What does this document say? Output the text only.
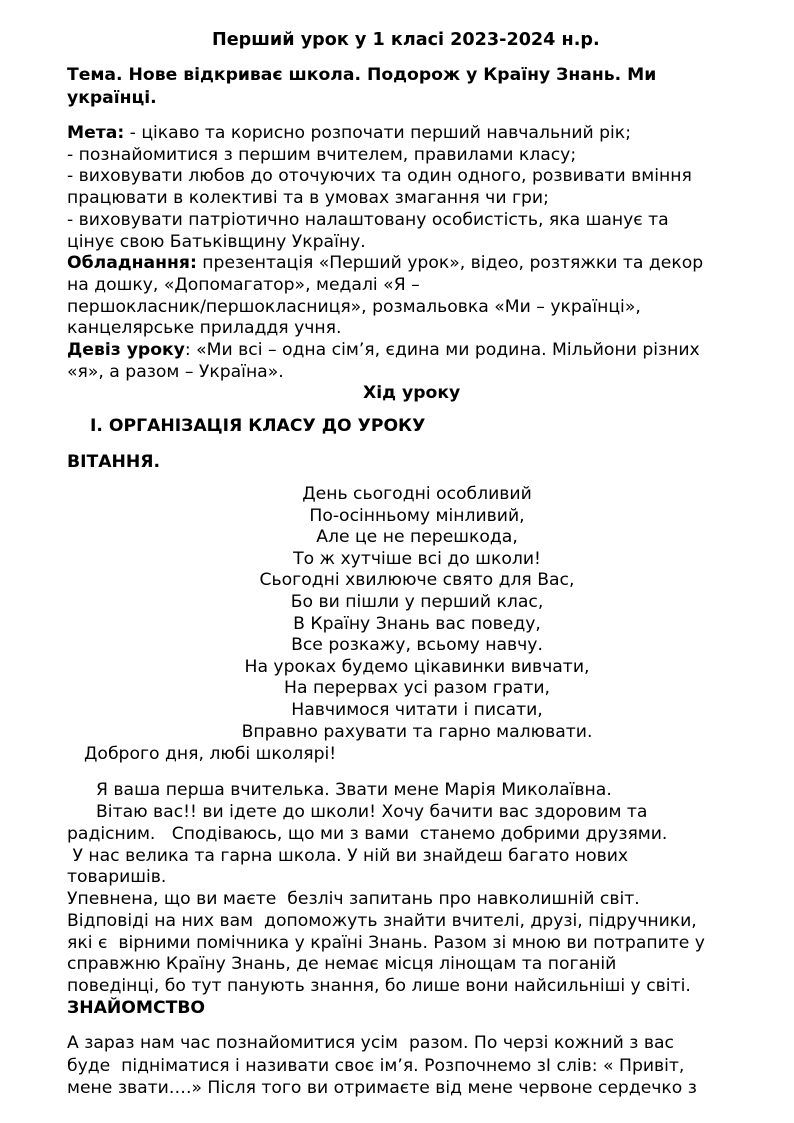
Перший урок у 1 класі 2023-2024 н.р.
Тема. Нове відкриває школа. Подорож у Країну Знань. Ми
українці.
Мета: - цікаво та корисно розпочати перший навчальний рік;
- познайомитися з першим вчителем, правилами класу;
- виховувати любов до оточуючих та один одного, розвивати вміння
працювати в колективі та в умовах змагання чи гри;
- виховувати патріотично налаштовану особистість, яка шанує та
цінує свою Батьківщину Україну.
Обладнання: презентація «Перший урок», відео, розтяжки та декор
на дошку, «Допомагатор», медалі «Я –
першокласник/першокласниця», розмальовка «Ми – українці»,
канцелярське приладдя учня.
Девіз уроку: «Ми всі – одна сім’я, єдина ми родина. Мільйони різних
«я», а разом – Україна».
Хід уроку
І. ОРГАНІЗАЦІЯ КЛАСУ ДО УРОКУ
ВІТАННЯ.
День сьогодні особливий
По-осінньому мінливий,
Але це не перешкода,
То ж хутчіше всі до школи!
Сьогодні хвилююче свято для Вас,
Бо ви пішли у перший клас,
В Країну Знань вас поведу,
Все розкажу, всьому навчу.
На уроках будемо цікавинки вивчати,
На перервах усі разом грати,
Навчимося читати і писати,
Вправно рахувати та гарно малювати.
Доброго дня, любі школярі!
Я ваша перша вчителька. Звати мене Марія Миколаївна.
Вітаю вас!! ви ідете до школи! Хочу бачити вас здоровим та
радісним.   Сподіваюсь, що ми з вами  станемо добрими друзями.
У нас велика та гарна школа. У ній ви знайдеш багато нових
товаришів.
Упевнена, що ви маєте  безліч запитань про навколишній світ.
Відповіді на них вам  допоможуть знайти вчителі, друзі, підручники,
які є  вірними помічника у країні Знань. Разом зі мною ви потрапите у
справжню Країну Знань, де немає місця лінощам та поганій
поведінці, бо тут панують знання, бо лише вони найсильніші у світі.
ЗНАЙОМСТВО
А зараз нам час познайомитися усім  разом. По черзі кожний з вас
буде  підніматися і називати своє ім’я. Розпочнемо зІ слів: « Привіт,
мене звати….» Після того ви отримаєте від мене червоне сердечко з
